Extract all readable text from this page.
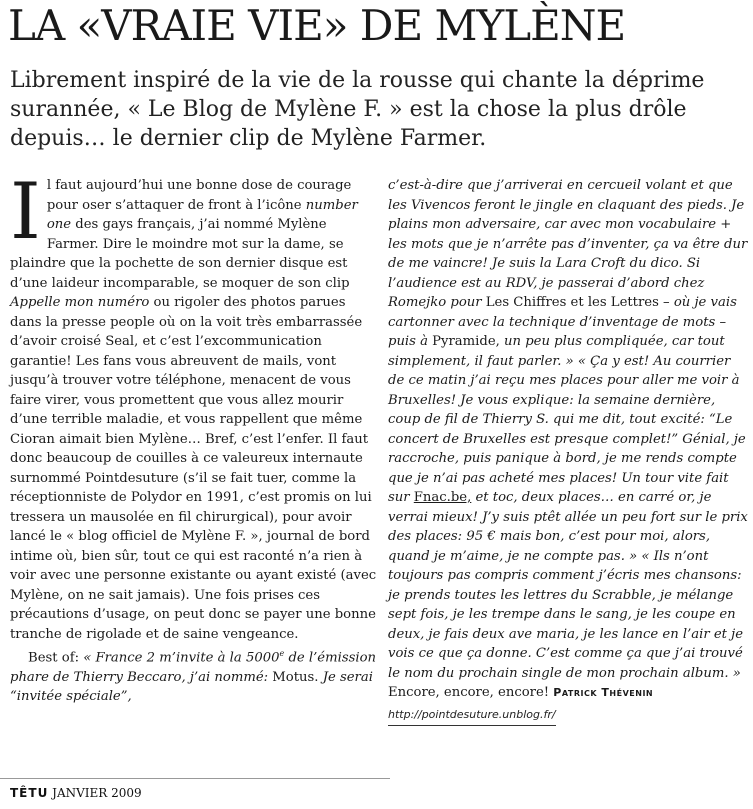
LA «VRAIE VIE» DE MYLÈNE

Librement inspiré de la vie de la rousse qui chante la déprime surannée, « Le Blog de Mylène F. » est la chose la plus drôle depuis… le dernier clip de Mylène Farmer.

Il faut aujourd’hui une bonne dose de courage pour oser s’attaquer de front à l’icône number one des gays français, j’ai nommé Mylène Farmer. Dire le moindre mot sur la dame, se plaindre que la pochette de son dernier disque est d’une laideur incomparable, se moquer de son clip Appelle mon numéro ou rigoler des photos parues dans la presse people où on la voit très embarrassée d’avoir croisé Seal, et c’est l’excommunication garantie! Les fans vous abreuvent de mails, vont jusqu’à trouver votre téléphone, menacent de vous faire virer, vous promettent que vous allez mourir d’une terrible maladie, et vous rappellent que même Cioran aimait bien Mylène… Bref, c’est l’enfer. Il faut donc beaucoup de couilles à ce valeureux internaute surnommé Pointdesuture (s’il se fait tuer, comme la réceptionniste de Polydor en 1991, c’est promis on lui tressera un mausolée en fil chirurgical), pour avoir lancé le « blog officiel de Mylène F. », journal de bord intime où, bien sûr, tout ce qui est raconté n’a rien à voir avec une personne existante ou ayant existé (avec Mylène, on ne sait jamais). Une fois prises ces précautions d’usage, on peut donc se payer une bonne tranche de rigolade et de saine vengeance.

Best of: « France 2 m’invite à la 5000e de l’émission phare de Thierry Beccaro, j’ai nommé: Motus. Je serai “invitée spéciale”,

c’est-à-dire que j’arriverai en cercueil volant et que les Vivencos feront le jingle en claquant des pieds. Je plains mon adversaire, car avec mon vocabulaire + les mots que je n’arrête pas d’inventer, ça va être dur de me vaincre! Je suis la Lara Croft du dico. Si l’audience est au RDV, je passerai d’abord chez Romejko pour Les Chiffres et les Lettres – où je vais cartonner avec la technique d’inventage de mots – puis à Pyramide, un peu plus compliquée, car tout simplement, il faut parler. » « Ça y est! Au courrier de ce matin j’ai reçu mes places pour aller me voir à Bruxelles! Je vous explique: la semaine dernière, coup de fil de Thierry S. qui me dit, tout excité: “Le concert de Bruxelles est presque complet!” Génial, je raccroche, puis panique à bord, je me rends compte que je n’ai pas acheté mes places! Un tour vite fait sur Fnac.be, et toc, deux places… en carré or, je verrai mieux! J’y suis ptêt allée un peu fort sur le prix des places: 95 € mais bon, c’est pour moi, alors, quand je m’aime, je ne compte pas. » « Ils n’ont toujours pas compris comment j’écris mes chansons: je prends toutes les lettres du Scrabble, je mélange sept fois, je les trempe dans le sang, je les coupe en deux, je fais deux ave maria, je les lance en l’air et je vois ce que ça donne. C’est comme ça que j’ai trouvé le nom du prochain single de mon prochain album. »

Encore, encore, encore! Patrick Thévenin

http://pointdesuture.unblog.fr/

TÊTU JANVIER 2009
